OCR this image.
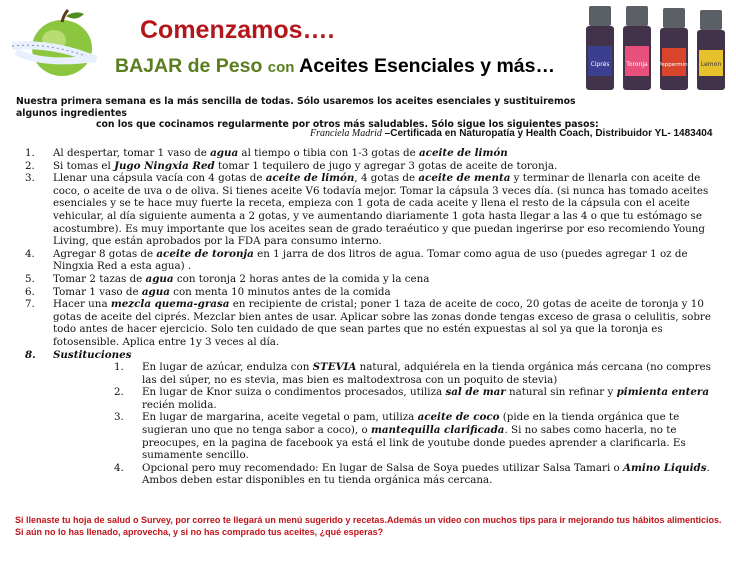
Ciprés	Toronja Peppermint Lemon
Comenzamos….
BAJAR de Peso con Aceites Esenciales y más…
Nuestra primera semana es la más sencilla de todas. Sólo usaremos los aceites esenciales y sustituiremos algunos ingredientes
con los que cocinamos regularmente por otros más saludables. Sólo sigue los siguientes pasos:
Franciela Madrid –Certificada en Naturopatía y Health Coach, Distribuidor YL- 1483404
1. Al despertar, tomar 1 vaso de agua al tiempo o tibia con 1-3 gotas de aceite de limón
2. Si tomas el Jugo Ningxia Red tomar 1 tequilero de jugo y agregar 3 gotas de aceite de toronja.
3. Llenar una cápsula vacía con 4 gotas de aceite de limón, 4 gotas de aceite de menta y terminar de llenarla con aceite de coco, o aceite de uva o de oliva. Si tienes aceite V6 todavía mejor. Tomar la cápsula 3 veces día. (si nunca has tomado aceites esenciales y se te hace muy fuerte la receta, empieza con 1 gota de cada aceite y llena el resto de la cápsula con el aceite vehicular, al día siguiente aumenta a 2 gotas, y ve aumentando diariamente 1 gota hasta llegar a las 4 o que tu estómago se acostumbre). Es muy importante que los aceites sean de grado teraéutico y que puedan ingerirse por eso recomiendo Young Living, que están aprobados por la FDA para consumo interno.
4. Agregar 8 gotas de aceite de toronja en 1 jarra de dos litros de agua. Tomar como agua de uso (puedes agregar 1 oz de Ningxia Red a esta agua) .
5. Tomar 2 tazas de agua con toronja 2 horas antes de la comida y la cena
6. Tomar 1 vaso de agua con menta 10 minutos antes de la comida
7. Hacer una mezcla quema-grasa en recipiente de cristal; poner 1 taza de aceite de coco, 20 gotas de aceite de toronja y 10 gotas de aceite del ciprés. Mezclar bien antes de usar. Aplicar sobre las zonas donde tengas exceso de grasa o celulitis, sobre todo antes de hacer ejercicio. Solo ten cuidado de que sean partes que no estén expuestas al sol ya que la toronja es fotosensible. Aplica entre 1y 3 veces al día.
8. Sustituciones
1. En lugar de azúcar, endulza con STEVIA natural, adquiérela en la tienda orgánica más cercana (no compres las del súper, no es stevia, mas bien es maltodextrosa con un poquito de stevia)
2. En lugar de Knor suiza o condimentos procesados, utiliza sal de mar natural sin refinar y pimienta entera recién molida.
3. En lugar de margarina, aceite vegetal o pam, utiliza aceite de coco (pide en la tienda orgánica que te sugieran uno que no tenga sabor a coco), o mantequilla clarificada. Si no sabes como hacerla, no te preocupes, en la pagina de facebook ya está el link de youtube donde puedes aprender a clarificarla. Es sumamente sencillo.
4. Opcional pero muy recomendado: En lugar de Salsa de Soya puedes utilizar Salsa Tamari o Amino Liquids. Ambos deben estar disponibles en tu tienda orgánica más cercana.
Si llenaste tu hoja de salud o Survey, por correo te llegará un menú sugerido y recetas.Además un video con muchos tips para ir mejorando tus hábitos alimenticios. Si aún no lo has llenado, aprovecha, y si no has comprado tus aceites, ¿qué esperas?
